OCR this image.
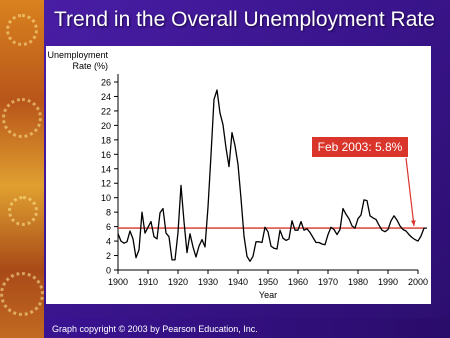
Trend in the Overall Unemployment Rate
0
2
4
6
8
10
12
14
16
18
20
22
24
26
1900 1910 1920 1930 1940 1950 1960 1970 1980 1990 2000
Unemployment
Rate (%)
Year
Feb 2003: 5.8%
Graph copyright © 2003 by Pearson Education, Inc.
